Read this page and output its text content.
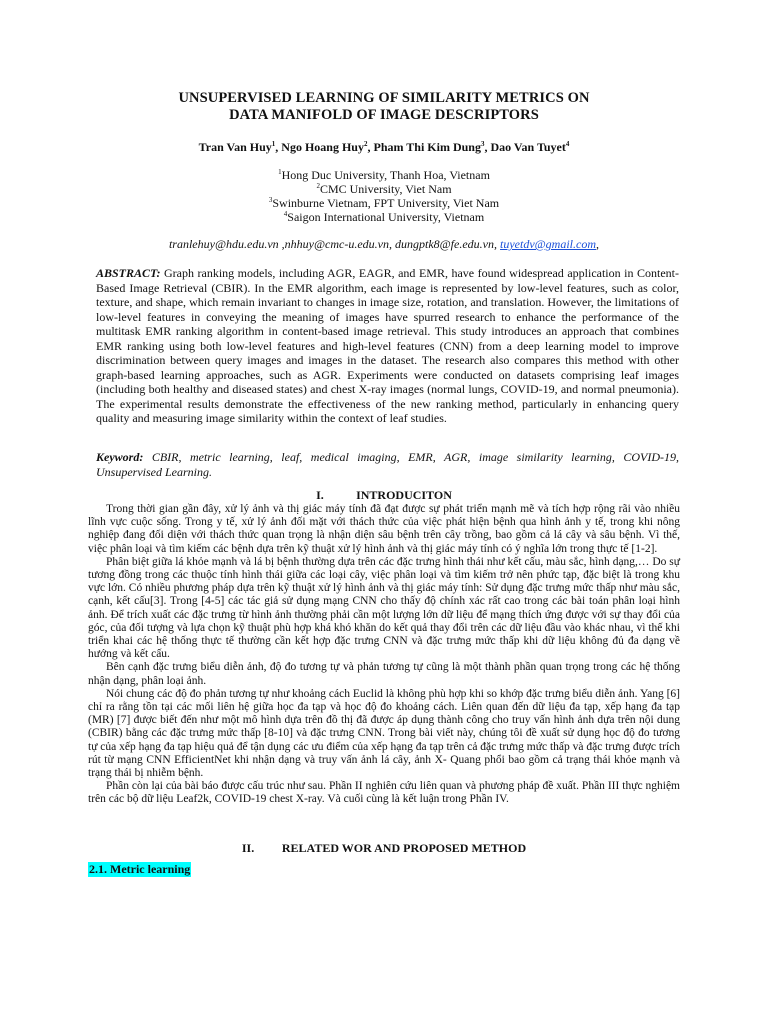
UNSUPERVISED LEARNING OF SIMILARITY METRICS ON
DATA MANIFOLD OF IMAGE DESCRIPTORS
Tran Van Huy$^1$, Ngo Hoang Huy$^2$, Pham Thi Kim Dung$^3$, Dao Van Tuyet$^4$
$^1$Hong Duc University, Thanh Hoa, Vietnam
$^2$CMC University, Viet Nam
$^3$Swinburne Vietnam, FPT University, Viet Nam
$^4$Saigon International University, Vietnam
tranlehuy@hdu.edu.vn ,nhhuy@cmc-u.edu.vn, dungptk8@fe.edu.vn, tuyetdv@gmail.com,
ABSTRACT: Graph ranking models, including AGR, EAGR, and EMR, have found widespread application in Content-Based Image Retrieval (CBIR). In the EMR algorithm, each image is represented by low-level features, such as color, texture, and shape, which remain invariant to changes in image size, rotation, and translation. However, the limitations of low-level features in conveying the meaning of images have spurred research to enhance the performance of the multitask EMR ranking algorithm in content-based image retrieval. This study introduces an approach that combines EMR ranking using both low-level features and high-level features (CNN) from a deep learning model to improve discrimination between query images and images in the dataset. The research also compares this method with other graph-based learning approaches, such as AGR. Experiments were conducted on datasets comprising leaf images (including both healthy and diseased states) and chest X-ray images (normal lungs, COVID-19, and normal pneumonia). The experimental results demonstrate the effectiveness of the new ranking method, particularly in enhancing query quality and measuring image similarity within the context of leaf studies.
Keyword: CBIR, metric learning, leaf, medical imaging, EMR, AGR, image similarity learning, COVID-19, Unsupervised Learning.
I.	INTRODUCITON

Trong thời gian gần đây, xử lý ảnh và thị giác máy tính đã đạt được sự phát triển mạnh mẽ và tích hợp rộng rãi vào nhiều lĩnh vực cuộc sống. Trong y tế, xử lý ảnh đối mặt với thách thức của việc phát hiện bệnh qua hình ảnh y tế, trong khi nông nghiệp đang đối diện với thách thức quan trọng là nhận diện sâu bệnh trên cây trồng, bao gồm cả lá cây và sâu bệnh. Vì thế, việc phân loại và tìm kiếm các bệnh dựa trên kỹ thuật xử lý hình ảnh và thị giác máy tính có ý nghĩa lớn trong thực tế [1-2].

Phân biệt giữa lá khỏe mạnh và lá bị bệnh thường dựa trên các đặc trưng hình thái như kết cấu, màu sắc, hình dạng,… Do sự tương đồng trong các thuộc tính hình thái giữa các loại cây, việc phân loại và tìm kiếm trở nên phức tạp, đặc biệt là trong khu vực lớn. Có nhiều phương pháp dựa trên kỹ thuật xử lý hình ảnh và thị giác máy tính: Sử dụng đặc trưng mức thấp như màu sắc, cạnh, kết cấu[3]. Trong [4-5] các tác giả sử dụng mạng CNN cho thấy độ chính xác rất cao trong các bài toán phân loại hình ảnh. Để trích xuất các đặc trưng từ hình ảnh thường phải cần một lượng lớn dữ liệu để mạng thích ứng được với sự thay đổi của góc, của đối tượng và lựa chọn kỹ thuật phù hợp khá khó khăn do kết quả thay đổi trên các dữ liệu đầu vào khác nhau, vì thế khi triển khai các hệ thống thực tế thường cần kết hợp đặc trưng CNN và đặc trưng mức thấp khi dữ liệu không đủ đa dạng về hướng và kết cấu.

Bên cạnh đặc trưng biểu diễn ảnh, độ đo tương tự và phản tương tự cũng là một thành phần quan trọng trong các hệ thống nhận dạng, phân loại ảnh.

Nói chung các độ đo phản tương tự như khoảng cách Euclid là không phù hợp khi so khớp đặc trưng biểu diễn ảnh. Yang [6] chỉ ra rằng tồn tại các mối liên hệ giữa học đa tạp và học độ đo khoảng cách. Liên quan đến dữ liệu đa tạp, xếp hạng đa tạp (MR) [7] được biết đến như một mô hình dựa trên đồ thị đã được áp dụng thành công cho truy vấn hình ảnh dựa trên nội dung (CBIR) bằng các đặc trưng mức thấp [8-10] và đặc trưng CNN. Trong bài viết này, chúng tôi đề xuất sử dụng học độ đo tương tự của xếp hạng đa tạp hiệu quả để tận dụng các ưu điểm của xếp hạng đa tạp trên cả đặc trưng mức thấp và đặc trưng được trích rút từ mạng CNN EfficientNet khi nhận dạng và truy vấn ảnh lá cây, ảnh X- Quang phổi bao gồm cả trạng thái khỏe mạnh và trạng thái bị nhiễm bệnh.

Phần còn lại của bài báo được cấu trúc như sau. Phần II nghiên cứu liên quan và phương pháp đề xuất. Phần III thực nghiệm trên các bộ dữ liệu Leaf2k, COVID-19 chest X-ray. Và cuối cùng là kết luận trong Phần IV.

II. RELATED WOR AND PROPOSED METHOD
2.1. Metric learning
